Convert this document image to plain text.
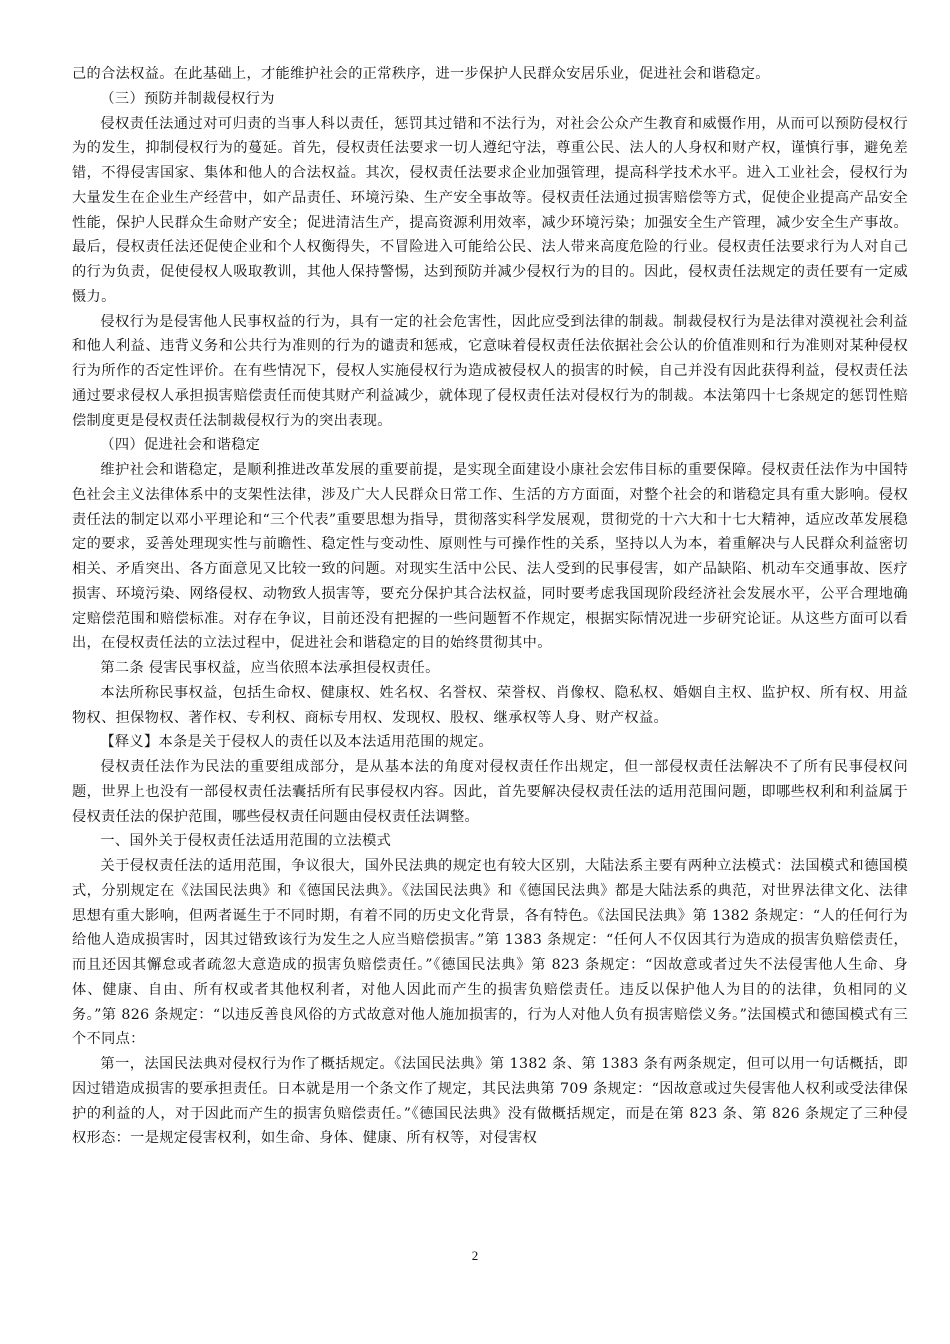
己的合法权益。在此基础上，才能维护社会的正常秩序，进一步保护人民群众安居乐业，促进社会和谐稳定。

（三）预防并制裁侵权行为

侵权责任法通过对可归责的当事人科以责任，惩罚其过错和不法行为，对社会公众产生教育和威慑作用，从而可以预防侵权行为的发生，抑制侵权行为的蔓延。首先，侵权责任法要求一切人遵纪守法，尊重公民、法人的人身权和财产权，谨慎行事，避免差错，不得侵害国家、集体和他人的合法权益。其次，侵权责任法要求企业加强管理，提高科学技术水平。进入工业社会，侵权行为大量发生在企业生产经营中，如产品责任、环境污染、生产安全事故等。侵权责任法通过损害赔偿等方式，促使企业提高产品安全性能，保护人民群众生命财产安全；促进清洁生产，提高资源利用效率，减少环境污染；加强安全生产管理，减少安全生产事故。最后，侵权责任法还促使企业和个人权衡得失，不冒险进入可能给公民、法人带来高度危险的行业。侵权责任法要求行为人对自己的行为负责，促使侵权人吸取教训，其他人保持警惕，达到预防并减少侵权行为的目的。因此，侵权责任法规定的责任要有一定威慑力。

侵权行为是侵害他人民事权益的行为，具有一定的社会危害性，因此应受到法律的制裁。制裁侵权行为是法律对漠视社会利益和他人利益、违背义务和公共行为准则的行为的谴责和惩戒，它意味着侵权责任法依据社会公认的价值准则和行为准则对某种侵权行为所作的否定性评价。在有些情况下，侵权人实施侵权行为造成被侵权人的损害的时候，自己并没有因此获得利益，侵权责任法通过要求侵权人承担损害赔偿责任而使其财产利益减少，就体现了侵权责任法对侵权行为的制裁。本法第四十七条规定的惩罚性赔偿制度更是侵权责任法制裁侵权行为的突出表现。

（四）促进社会和谐稳定

维护社会和谐稳定，是顺利推进改革发展的重要前提，是实现全面建设小康社会宏伟目标的重要保障。侵权责任法作为中国特色社会主义法律体系中的支架性法律，涉及广大人民群众日常工作、生活的方方面面，对整个社会的和谐稳定具有重大影响。侵权责任法的制定以邓小平理论和“三个代表”重要思想为指导，贯彻落实科学发展观，贯彻党的十六大和十七大精神，适应改革发展稳定的要求，妥善处理现实性与前瞻性、稳定性与变动性、原则性与可操作性的关系，坚持以人为本，着重解决与人民群众利益密切相关、矛盾突出、各方面意见又比较一致的问题。对现实生活中公民、法人受到的民事侵害，如产品缺陷、机动车交通事故、医疗损害、环境污染、网络侵权、动物致人损害等，要充分保护其合法权益，同时要考虑我国现阶段经济社会发展水平，公平合理地确定赔偿范围和赔偿标准。对存在争议，目前还没有把握的一些问题暂不作规定，根据实际情况进一步研究论证。从这些方面可以看出，在侵权责任法的立法过程中，促进社会和谐稳定的目的始终贯彻其中。

第二条 侵害民事权益，应当依照本法承担侵权责任。

本法所称民事权益，包括生命权、健康权、姓名权、名誉权、荣誉权、肖像权、隐私权、婚姻自主权、监护权、所有权、用益物权、担保物权、著作权、专利权、商标专用权、发现权、股权、继承权等人身、财产权益。

【释义】本条是关于侵权人的责任以及本法适用范围的规定。

侵权责任法作为民法的重要组成部分，是从基本法的角度对侵权责任作出规定，但一部侵权责任法解决不了所有民事侵权问题，世界上也没有一部侵权责任法囊括所有民事侵权内容。因此，首先要解决侵权责任法的适用范围问题，即哪些权利和利益属于侵权责任法的保护范围，哪些侵权责任问题由侵权责任法调整。

一、国外关于侵权责任法适用范围的立法模式

关于侵权责任法的适用范围，争议很大，国外民法典的规定也有较大区别，大陆法系主要有两种立法模式：法国模式和德国模式，分别规定在《法国民法典》和《德国民法典》。《法国民法典》和《德国民法典》都是大陆法系的典范，对世界法律文化、法律思想有重大影响，但两者诞生于不同时期，有着不同的历史文化背景，各有特色。《法国民法典》第 1382 条规定：“人的任何行为给他人造成损害时，因其过错致该行为发生之人应当赔偿损害。”第 1383 条规定：“任何人不仅因其行为造成的损害负赔偿责任，而且还因其懈怠或者疏忽大意造成的损害负赔偿责任。”《德国民法典》第 823 条规定：“因故意或者过失不法侵害他人生命、身体、健康、自由、所有权或者其他权利者，对他人因此而产生的损害负赔偿责任。违反以保护他人为目的的法律，负相同的义务。”第 826 条规定：“以违反善良风俗的方式故意对他人施加损害的，行为人对他人负有损害赔偿义务。”法国模式和德国模式有三个不同点：

第一，法国民法典对侵权行为作了概括规定。《法国民法典》第 1382 条、第 1383 条有两条规定，但可以用一句话概括，即因过错造成损害的要承担责任。日本就是用一个条文作了规定，其民法典第 709 条规定：“因故意或过失侵害他人权利或受法律保护的利益的人，对于因此而产生的损害负赔偿责任。”《德国民法典》没有做概括规定，而是在第 823 条、第 826 条规定了三种侵权形态：一是规定侵害权利，如生命、身体、健康、所有权等，对侵害权

2
